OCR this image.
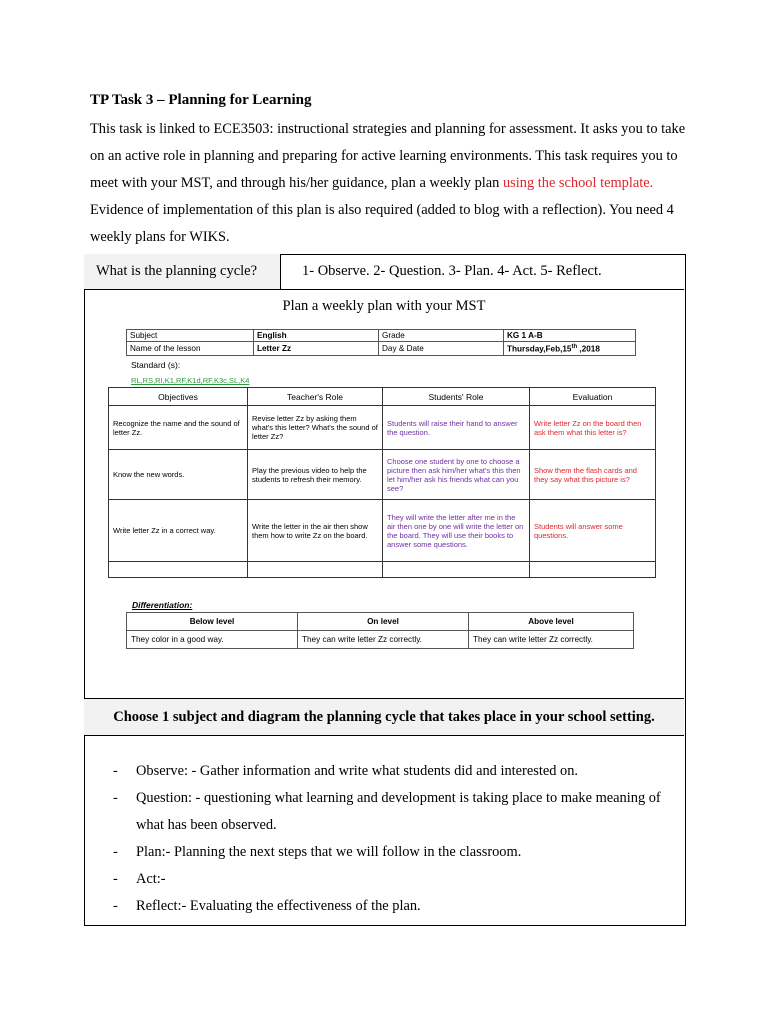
TP Task 3 – Planning for Learning
This task is linked to ECE3503: instructional strategies and planning for assessment. It asks you to take on an active role in planning and preparing for active learning environments. This task requires you to meet with your MST, and through his/her guidance, plan a weekly plan using the school template. Evidence of implementation of this plan is also required (added to blog with a reflection). You need 4 weekly plans for WIKS.
What is the planning cycle?	1- Observe. 2- Question. 3- Plan. 4- Act. 5- Reflect.
Plan a weekly plan with your MST
Subject	English	Grade	KG 1 A-B
Name of the lesson	Letter Zz	Day & Date	Thursday,Feb,15th ,2018
Standard (s):
RL,RS,RI,K1,RF,K1d,RF,K3c,SL,K4
Objectives	Teacher's Role	Students' Role	Evaluation
Recognize the name and the sound of letter Zz.	Revise letter Zz by asking them what's this letter? What's the sound of letter Zz?	Students will raise their hand to answer the question.	Write letter Zz on the board then ask them what this letter is?
Know the new words.	Play the previous video to help the students to refresh their memory.	Choose one student by one to choose a picture then ask him/her what's this then let him/her ask his friends what can you see?	Show them the flash cards and they say what this picture is?
Write letter Zz in a correct way.	Write the letter in the air then show them how to write Zz on the board.	They will write the letter after me in the air then one by one will write the letter on the board. They will use their books to answer some questions.	Students will answer some questions.

Differentiation:
Below level	On level	Above level
They color in a good way.	They can write letter Zz correctly.	They can write letter Zz correctly.
Choose 1 subject and diagram the planning cycle that takes place in your school setting.
- Observe: - Gather information and write what students did and interested on.
- Question: - questioning what learning and development is taking place to make meaning of what has been observed.
- Plan:- Planning the next steps that we will follow in the classroom.
- Act:-
- Reflect:- Evaluating the effectiveness of the plan.
